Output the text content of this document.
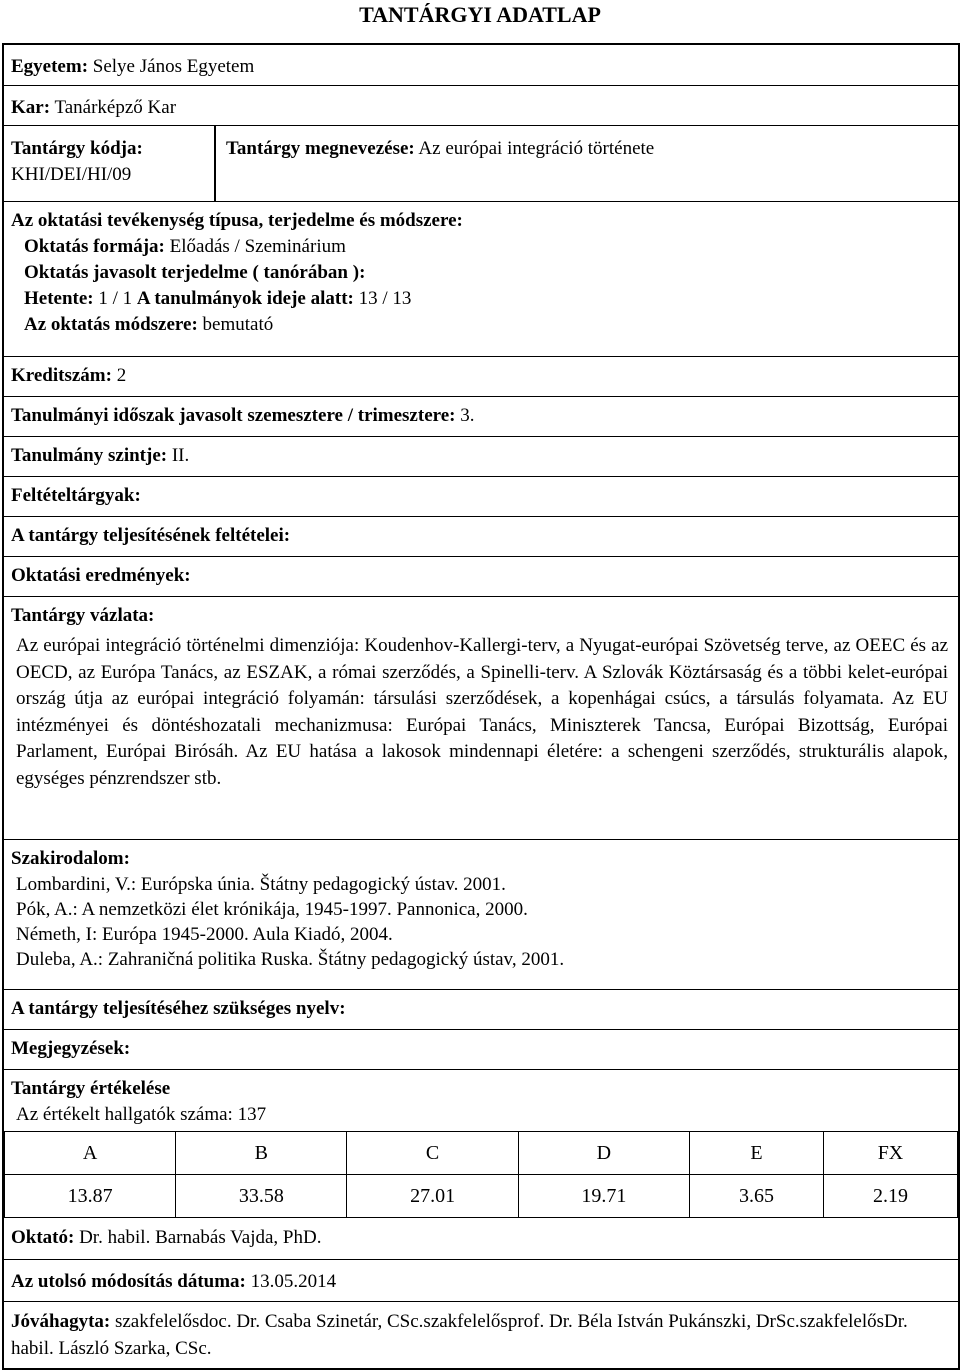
TANTÁRGYI ADATLAP
Egyetem: Selye János Egyetem
Kar: Tanárképző Kar
Tantárgy kódja:
KHI/DEI/HI/09
Tantárgy megnevezése: Az európai integráció története
Az oktatási tevékenység típusa, terjedelme és módszere:
Oktatás formája: Előadás / Szeminárium
Oktatás javasolt terjedelme ( tanórában ):
Hetente: 1 / 1 A tanulmányok ideje alatt: 13 / 13
Az oktatás módszere: bemutató
Kreditszám: 2
Tanulmányi időszak javasolt szemesztere / trimesztere: 3.
Tanulmány szintje: II.
Feltételtárgyak:
A tantárgy teljesítésének feltételei:
Oktatási eredmények:
Tantárgy vázlata:
Az európai integráció történelmi dimenziója: Koudenhov-Kallergi-terv, a Nyugat-európai Szövetség terve, az OEEC és az OECD, az Európa Tanács, az ESZAK, a római szerződés, a Spinelli-terv. A Szlovák Köztársaság és a többi kelet-európai ország útja az európai integráció folyamán: társulási szerződések, a kopenhágai csúcs, a társulás folyamata. Az EU intézményei és döntéshozatali mechanizmusa: Európai Tanács, Miniszterek Tancsa, Európai Bizottság, Európai Parlament, Európai Birósáh. Az EU hatása a lakosok mindennapi életére: a schengeni szerződés, strukturális alapok, egységes pénzrendszer stb.
Szakirodalom:
Lombardini, V.: Európska únia. Štátny pedagogický ústav. 2001.
Pók, A.: A nemzetközi élet krónikája, 1945-1997. Pannonica, 2000.
Németh, I: Európa 1945-2000. Aula Kiadó, 2004.
Duleba, A.: Zahraničná politika Ruska. Štátny pedagogický ústav, 2001.
A tantárgy teljesítéséhez szükséges nyelv:
Megjegyzések:
Tantárgy értékelése
Az értékelt hallgatók száma: 137
A	B	C	D	E	FX
13.87	33.58	27.01	19.71	3.65	2.19
Oktató: Dr. habil. Barnabás Vajda, PhD.
Az utolsó módosítás dátuma: 13.05.2014
Jóváhagyta: szakfelelősdoc. Dr. Csaba Szinetár, CSc.szakfelelősprof. Dr. Béla István Pukánszki, DrSc.szakfelelősDr. habil. László Szarka, CSc.
